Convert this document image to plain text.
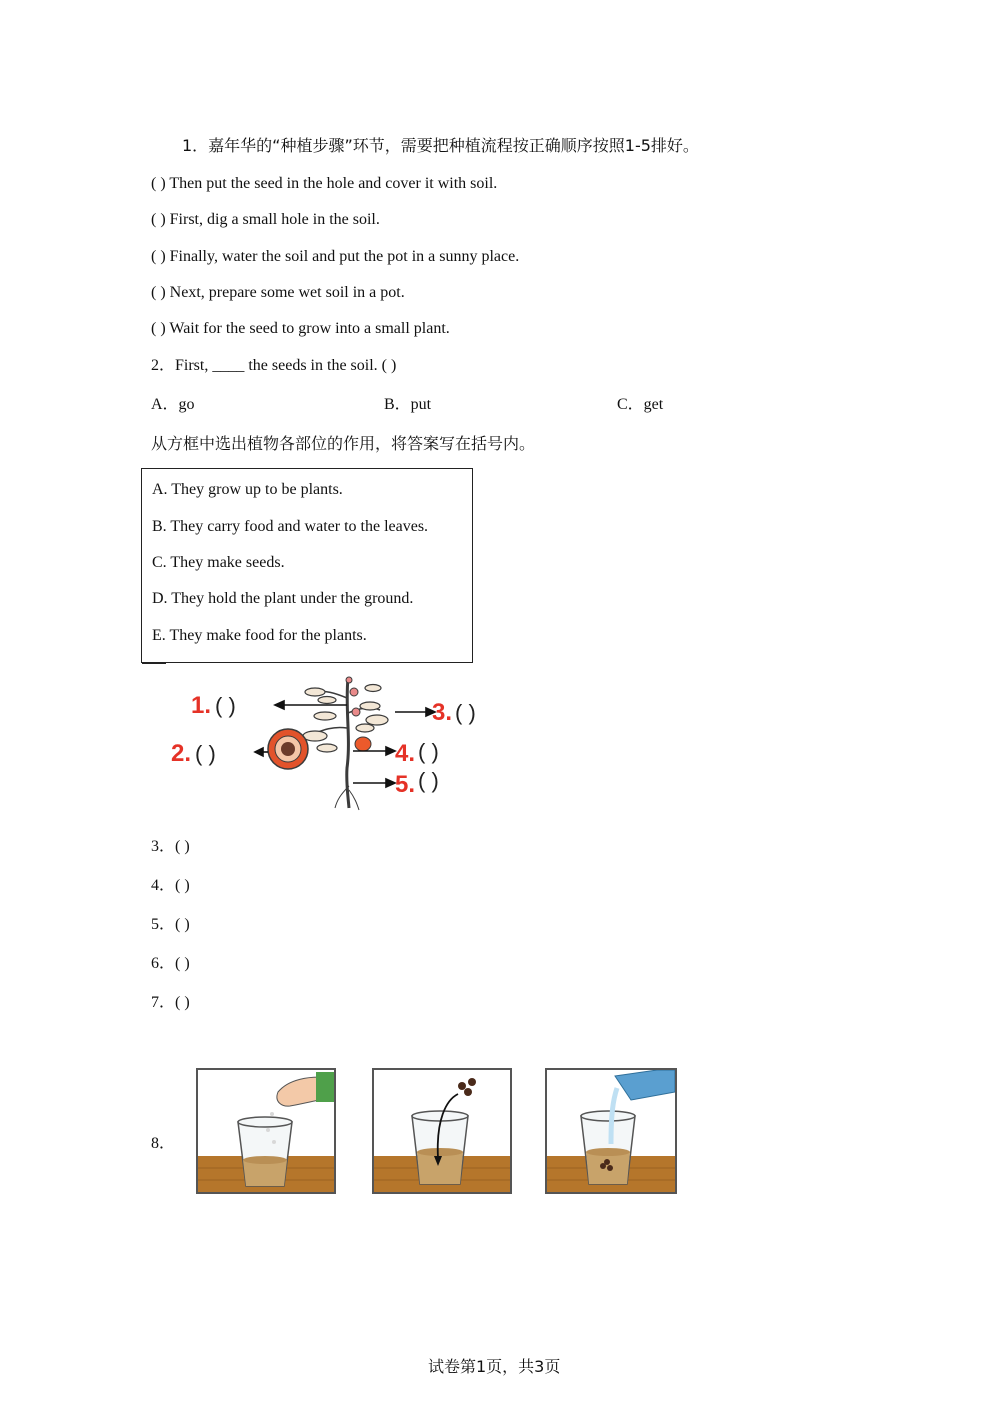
1．嘉年华的“种植步骤”环节，需要把种植流程按正确顺序按照1-5排好。
( ) Then put the seed in the hole and cover it with soil.
( ) First, dig a small hole in the soil.
( ) Finally, water the soil and put the pot in a sunny place.
( ) Next, prepare some wet soil in a pot.
( ) Wait for the seed to grow into a small plant.
2．First, ____ the seeds in the soil. ( )
A．go	B．put	C．get
从方框中选出植物各部位的作用，将答案写在括号内。
A. They grow up to be plants.
B. They carry food and water to the leaves.
C. They make seeds.
D. They hold the plant under the ground.
E. They make food for the plants.
1. ( )
2. ( )
3. ( )
4. ( )
5. ( )
3．( )
4．( )
5．( )
6．( )
7．( )
8．
试卷第1页，共3页
